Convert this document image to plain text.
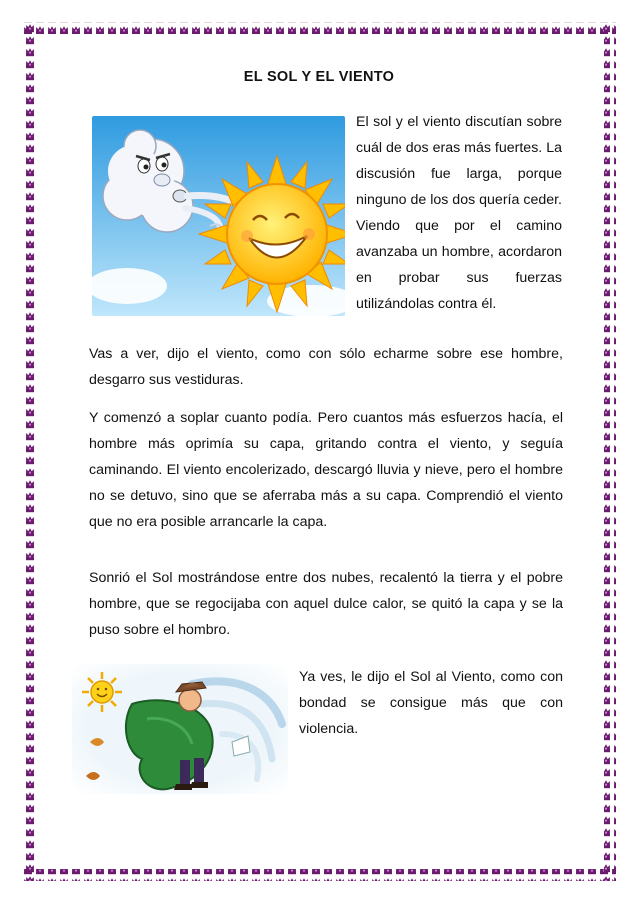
EL SOL Y EL VIENTO

El sol y el viento discutían sobre cuál de dos eras más fuertes. La discusión fue larga, porque ninguno de los dos quería ceder. Viendo que por el camino avanzaba un hombre, acordaron en probar sus fuerzas utilizándolas contra él.

Vas a ver, dijo el viento, como con sólo echarme sobre ese hombre, desgarro sus vestiduras.

Y comenzó a soplar cuanto podía. Pero cuantos más esfuerzos hacía, el hombre más oprimía su capa, gritando contra el viento, y seguía caminando. El viento encolerizado, descargó lluvia y nieve, pero el hombre no se detuvo, sino que se aferraba más a su capa. Comprendió el viento que no era posible arrancarle la capa.

Sonrió el Sol mostrándose entre dos nubes, recalentó la tierra y el pobre hombre, que se regocijaba con aquel dulce calor, se quitó la capa y se la puso sobre el hombro.

Ya ves, le dijo el Sol al Viento, como con bondad se consigue más que con violencia.
